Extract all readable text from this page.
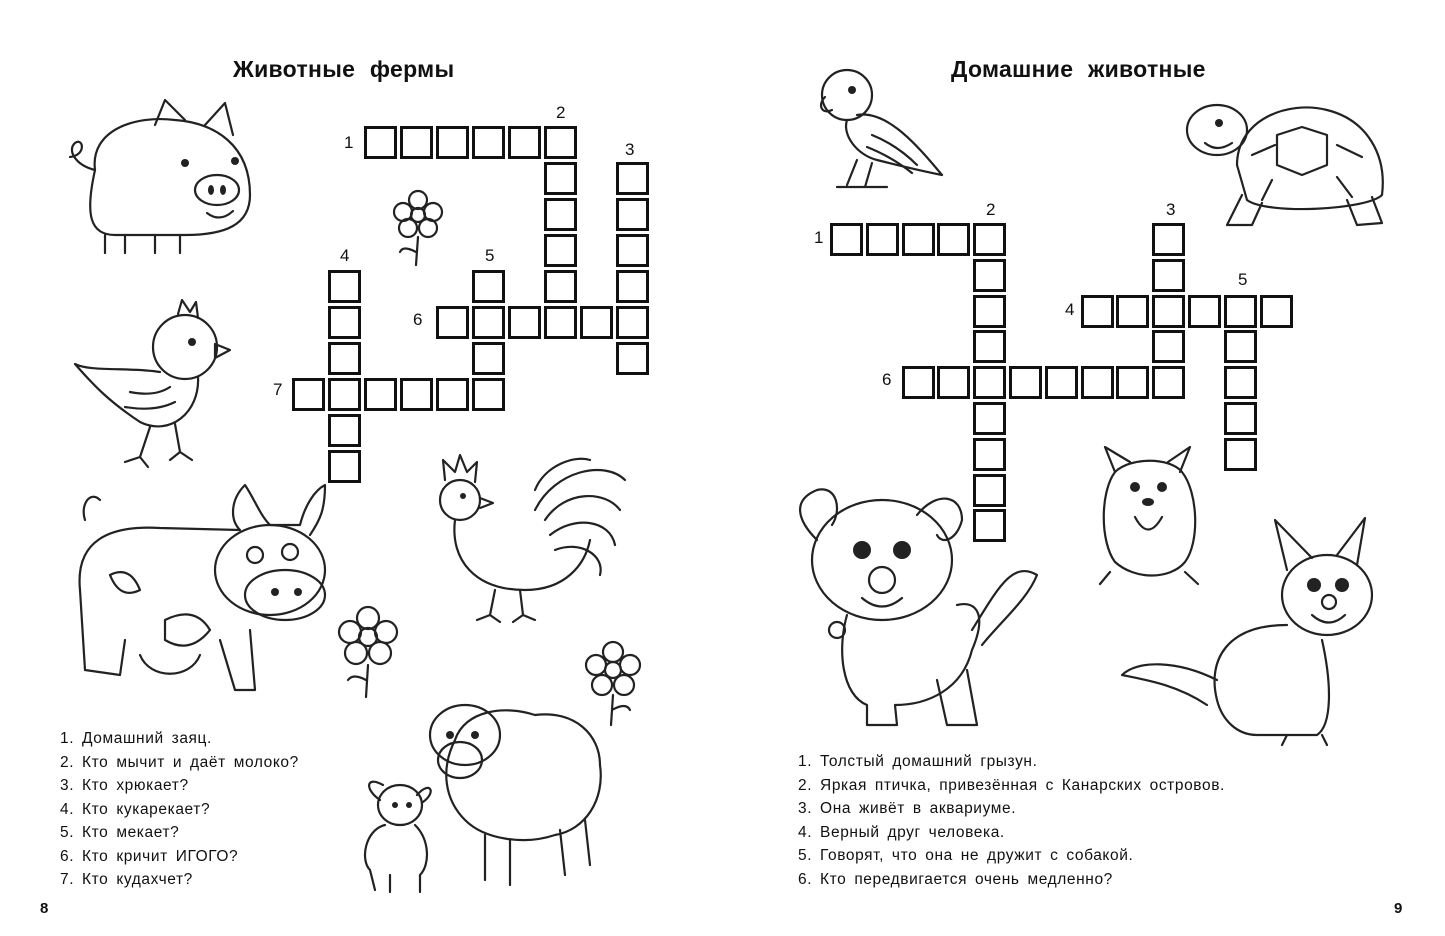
Животные фермы
1
2
3
4	5
6
7
1. Домашний заяц.
2. Кто мычит и даёт молоко?
3. Кто хрюкает?
4. Кто кукарекает?
5. Кто мекает?
6. Кто кричит ИГОГО?
7. Кто кудахчет?
8
Домашние животные
1
2	3
4
5
6
1. Толстый домашний грызун.
2. Яркая птичка, привезённая с Канарских островов.
3. Она живёт в аквариуме.
4. Верный друг человека.
5. Говорят, что она не дружит с собакой.
6. Кто передвигается очень медленно?
9
